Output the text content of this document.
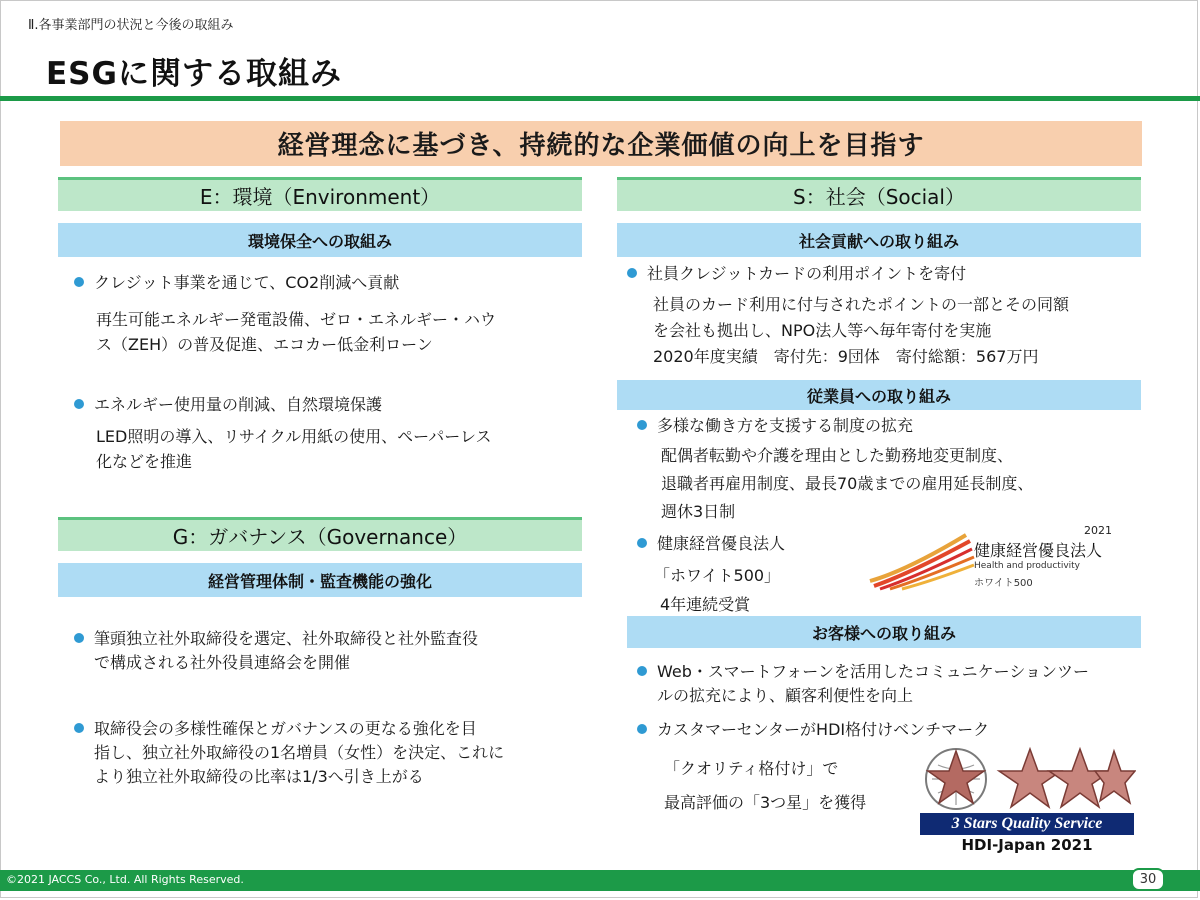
Ⅱ.各事業部門の状況と今後の取組み
ESGに関する取組み
経営理念に基づき、持続的な企業価値の向上を目指す
E：環境（Environment）
環境保全への取組み
クレジット事業を通じて、CO2削減へ貢献
再生可能エネルギー発電設備、ゼロ・エネルギー・ハウ
ス（ZEH）の普及促進、エコカー低金利ローン
エネルギー使用量の削減、自然環境保護
LED照明の導入、リサイクル用紙の使用、ペーパーレス
化などを推進
G：ガバナンス（Governance）
経営管理体制・監査機能の強化
筆頭独立社外取締役を選定、社外取締役と社外監査役
で構成される社外役員連絡会を開催
取締役会の多様性確保とガバナンスの更なる強化を目
指し、独立社外取締役の1名増員（女性）を決定、これに
より独立社外取締役の比率は1/3へ引き上がる
S：社会（Social）
社会貢献への取り組み
社員クレジットカードの利用ポイントを寄付
社員のカード利用に付与されたポイントの一部とその同額
を会社も拠出し、NPO法人等へ毎年寄付を実施
2020年度実績　寄付先：9団体　寄付総額：567万円
従業員への取り組み
多様な働き方を支援する制度の拡充
配偶者転勤や介護を理由とした勤務地変更制度、
退職者再雇用制度、最長70歳までの雇用延長制度、
週休3日制
健康経営優良法人
「ホワイト500」
4年連続受賞
2021
健康経営優良法人
Health and productivity
ホワイト500
お客様への取り組み
Web・スマートフォーンを活用したコミュニケーションツー
ルの拡充により、顧客利便性を向上
カスタマーセンターがHDI格付けベンチマーク
「クオリティ格付け」で
最高評価の「3つ星」を獲得
3 Stars Quality Service
HDI-Japan 2021
©2021 JACCS Co., Ltd. All Rights Reserved.	30
